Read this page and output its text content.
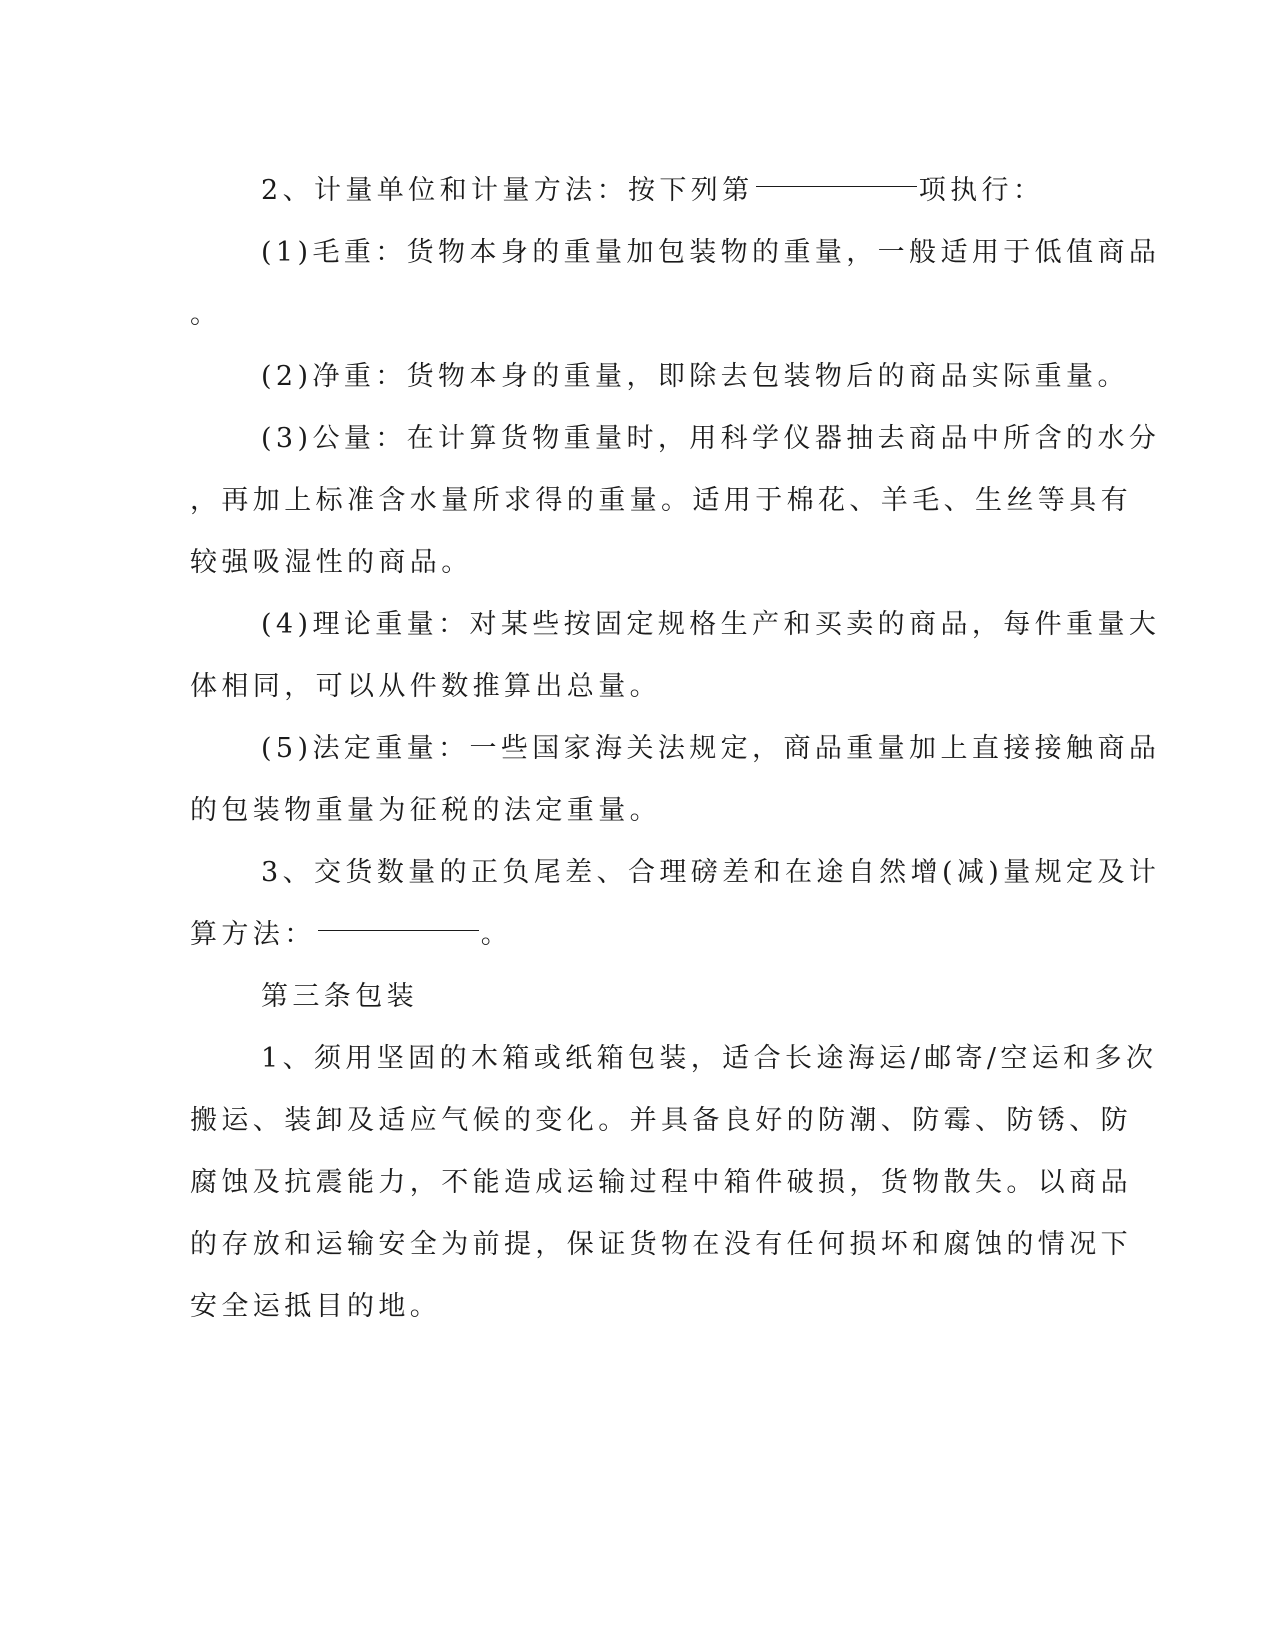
2、计量单位和计量方法：按下列第	项执行：
(1)毛重：货物本身的重量加包装物的重量，一般适用于低值商品
。
(2)净重：货物本身的重量，即除去包装物后的商品实际重量。
(3)公量：在计算货物重量时，用科学仪器抽去商品中所含的水分
，再加上标准含水量所求得的重量。适用于棉花、羊毛、生丝等具有
较强吸湿性的商品。
(4)理论重量：对某些按固定规格生产和买卖的商品，每件重量大
体相同，可以从件数推算出总量。
(5)法定重量：一些国家海关法规定，商品重量加上直接接触商品
的包装物重量为征税的法定重量。
3、交货数量的正负尾差、合理磅差和在途自然增(减)量规定及计
算方法：	。
第三条包装
1、须用坚固的木箱或纸箱包装，适合长途海运/邮寄/空运和多次
搬运、装卸及适应气候的变化。并具备良好的防潮、防霉、防锈、防
腐蚀及抗震能力，不能造成运输过程中箱件破损，货物散失。以商品
的存放和运输安全为前提，保证货物在没有任何损坏和腐蚀的情况下
安全运抵目的地。
